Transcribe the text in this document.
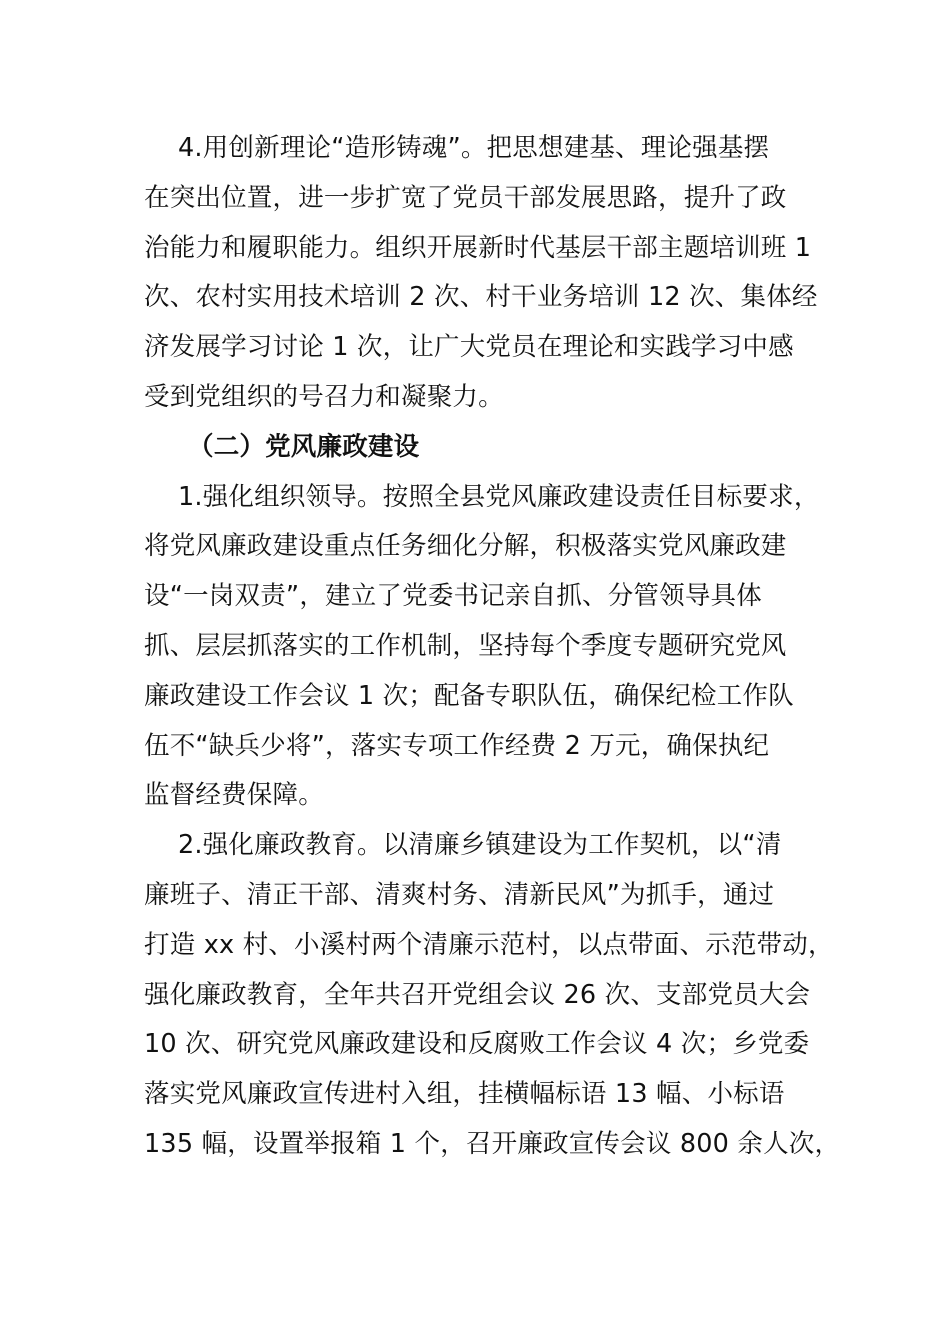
4.用创新理论“造形铸魂”。把思想建基、理论强基摆
在突出位置，进一步扩宽了党员干部发展思路，提升了政
治能力和履职能力。组织开展新时代基层干部主题培训班 1
次、农村实用技术培训 2 次、村干业务培训 12 次、集体经
济发展学习讨论 1 次，让广大党员在理论和实践学习中感
受到党组织的号召力和凝聚力。
（二）党风廉政建设
1.强化组织领导。按照全县党风廉政建设责任目标要求，
将党风廉政建设重点任务细化分解，积极落实党风廉政建
设“一岗双责”，建立了党委书记亲自抓、分管领导具体
抓、层层抓落实的工作机制，坚持每个季度专题研究党风
廉政建设工作会议 1 次；配备专职队伍，确保纪检工作队
伍不“缺兵少将”，落实专项工作经费 2 万元，确保执纪
监督经费保障。
2.强化廉政教育。以清廉乡镇建设为工作契机，以“清
廉班子、清正干部、清爽村务、清新民风”为抓手，通过
打造 xx 村、小溪村两个清廉示范村，以点带面、示范带动，
强化廉政教育，全年共召开党组会议 26 次、支部党员大会
10 次、研究党风廉政建设和反腐败工作会议 4 次；乡党委
落实党风廉政宣传进村入组，挂横幅标语 13 幅、小标语
135 幅，设置举报箱 1 个，召开廉政宣传会议 800 余人次，
